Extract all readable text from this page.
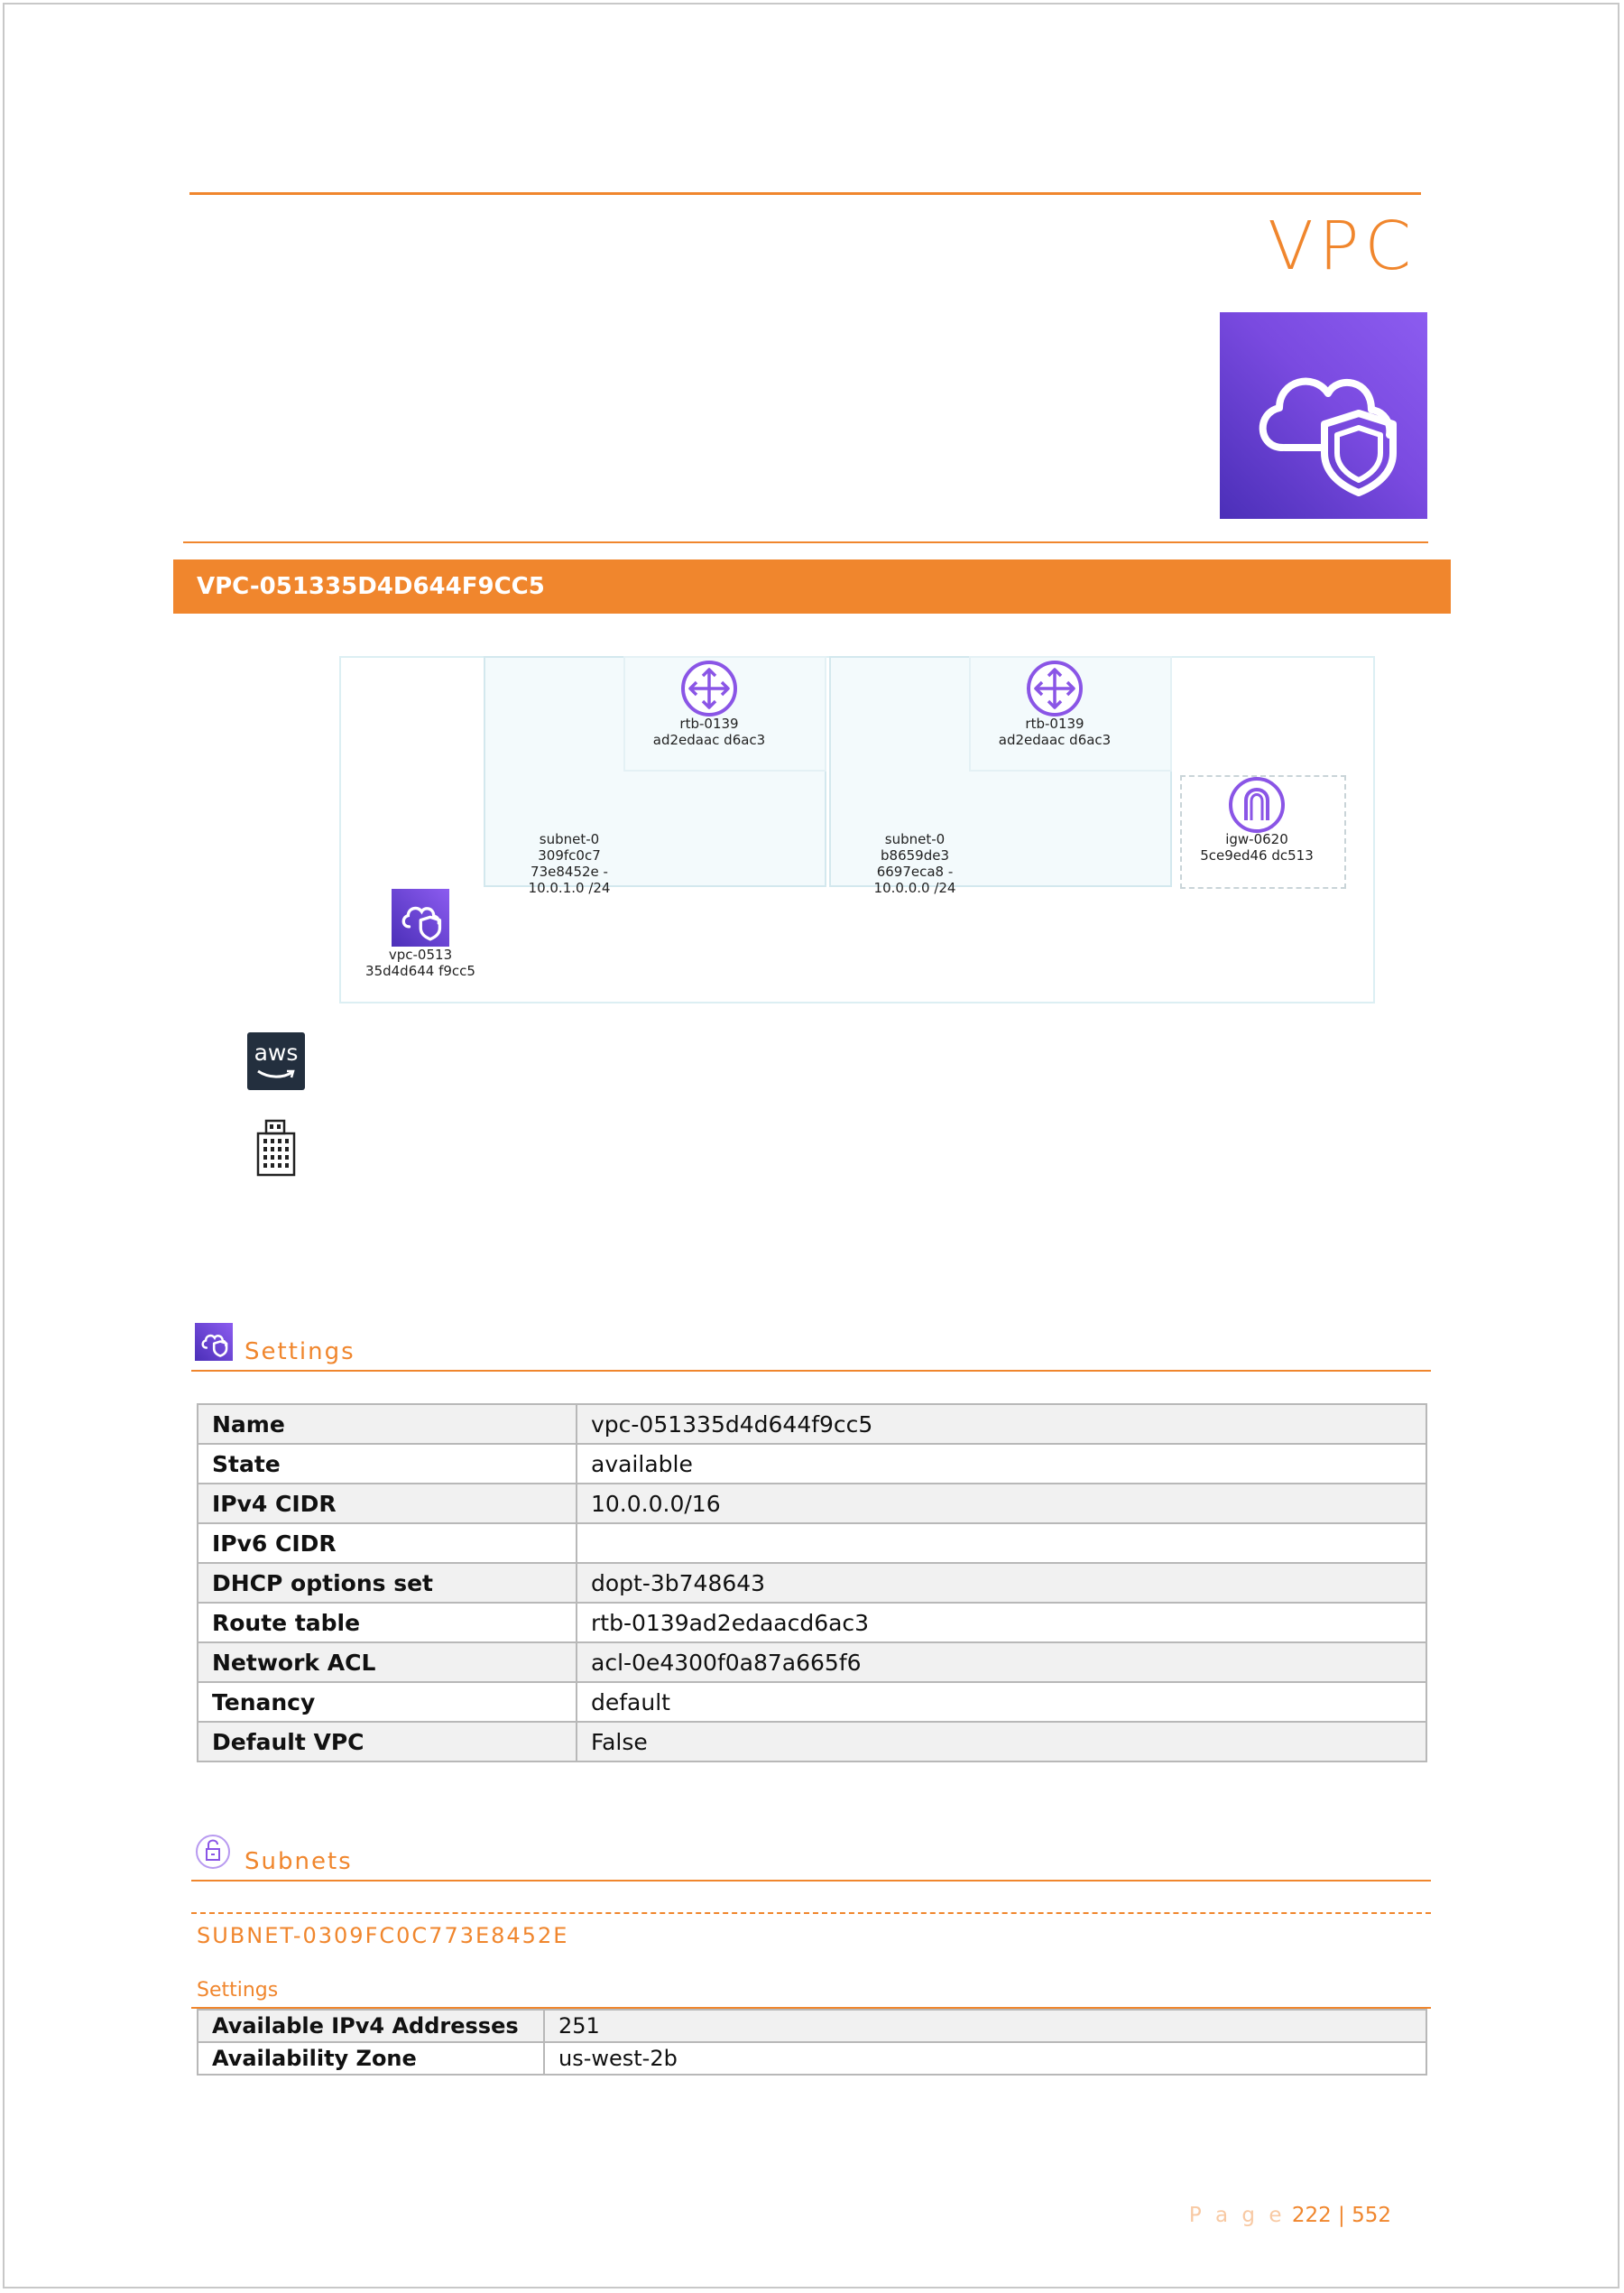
VPC
VPC-051335D4D644F9CC5
rtb-0139
ad2edaac d6ac3
rtb-0139
ad2edaac d6ac3
subnet-0
309fc0c7
73e8452e -
10.0.1.0 /24
subnet-0
b8659de3
6697eca8 -
10.0.0.0 /24
igw-0620
5ce9ed46 dc513
vpc-0513
35d4d644 f9cc5
aws
Settings
Name	vpc-051335d4d644f9cc5
State	available
IPv4 CIDR	10.0.0.0/16
IPv6 CIDR	
DHCP options set	dopt-3b748643
Route table	rtb-0139ad2edaacd6ac3
Network ACL	acl-0e4300f0a87a665f6
Tenancy	default
Default VPC	False
Subnets
SUBNET-0309FC0C773E8452E
Settings
Available IPv4 Addresses	251
Availability Zone	us-west-2b
P a g e 222 | 552
